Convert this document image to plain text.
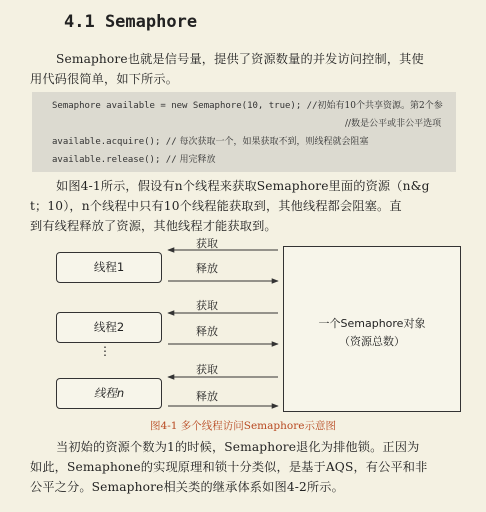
4.1 Semaphore
Semaphore也就是信号量，提供了资源数量的并发访问控制，其使
用代码很简单，如下所示。
Semaphore available = new Semaphore(10, true); //初始有10个共享资源。第2个参
//数是公平或非公平选项
available.acquire(); // 每次获取一个，如果获取不到，则线程就会阻塞
available.release(); // 用完释放
如图4-1所示，假设有n个线程来获取Semaphore里面的资源（n&g
t；10），n个线程中只有10个线程能获取到，其他线程都会阻塞。直
到有线程释放了资源，其他线程才能获取到。
线程1
线程2
线程n
⋮
获取
释放
获取
释放
获取
释放
一个Semaphore对象
（资源总数）
图4-1 多个线程访问Semaphore示意图
当初始的资源个数为1的时候，Semaphore退化为排他锁。正因为
如此，Semaphone的实现原理和锁十分类似，是基于AQS，有公平和非
公平之分。Semaphore相关类的继承体系如图4-2所示。
